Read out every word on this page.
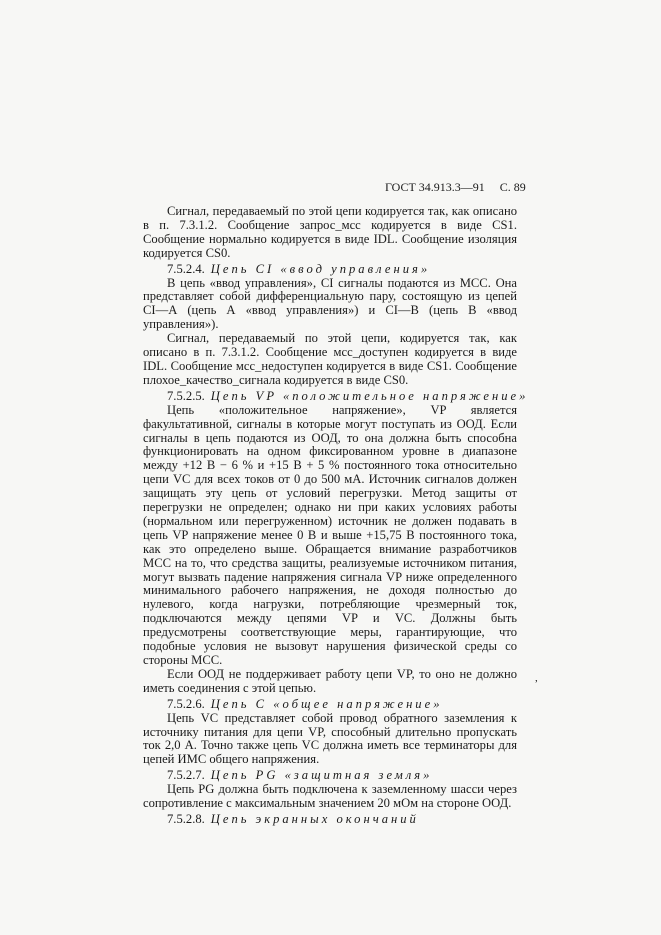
ГОСТ 34.913.3—91 С. 89

Сигнал, передаваемый по этой цепи кодируется так, как описано в п. 7.3.1.2. Сообщение запрос_мсс кодируется в виде CS1. Сообщение нормально кодируется в виде IDL. Сообщение изоляция кодируется CS0.

7.5.2.4. Цепь CI «ввод управления»

В цепь «ввод управления», CI сигналы подаются из МСС. Она представляет собой дифференциальную пару, состоящую из цепей CI—А (цепь А «ввод управления») и CI—В (цепь В «ввод управления»).

Сигнал, передаваемый по этой цепи, кодируется так, как описано в п. 7.3.1.2. Сообщение мсс_доступен кодируется в виде IDL. Сообщение мсс_недоступен кодируется в виде CS1. Сообщение плохое_качество_сигнала кодируется в виде CS0.

7.5.2.5. Цепь VP «положительное напряжение»

Цепь «положительное напряжение», VP является факультативной, сигналы в которые могут поступать из ООД. Если сигналы в цепь подаются из ООД, то она должна быть способна функционировать на одном фиксированном уровне в диапазоне между +12 В − 6 % и +15 В + 5 % постоянного тока относительно цепи VC для всех токов от 0 до 500 мА. Источник сигналов должен защищать эту цепь от условий перегрузки. Метод защиты от перегрузки не определен; однако ни при каких условиях работы (нормальном или перегруженном) источник не должен подавать в цепь VP напряжение менее 0 В и выше +15,75 В постоянного тока, как это определено выше. Обращается внимание разработчиков МСС на то, что средства защиты, реализуемые источником питания, могут вызвать падение напряжения сигнала VP ниже определенного минимального рабочего напряжения, не доходя полностью до нулевого, когда нагрузки, потребляющие чрезмерный ток, подключаются между цепями VP и VC. Должны быть предусмотрены соответствующие меры, гарантирующие, что подобные условия не вызовут нарушения физической среды со стороны МСС.

Если ООД не поддерживает работу цепи VP, то оно не должно иметь соединения с этой цепью.

7.5.2.6. Цепь С «общее напряжение»

Цепь VC представляет собой провод обратного заземления к источнику питания для цепи VP, способный длительно пропускать ток 2,0 А. Точно также цепь VC должна иметь все терминаторы для цепей ИМС общего напряжения.

7.5.2.7. Цепь PG «защитная земля»

Цепь PG должна быть подключена к заземленному шасси через сопротивление с максимальным значением 20 мОм на стороне ООД.

7.5.2.8. Цепь экранных окончаний

,
